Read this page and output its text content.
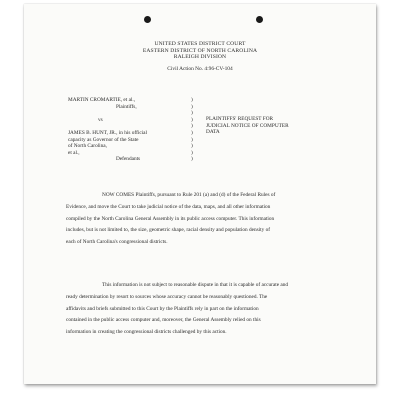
UNITED STATES DISTRICT COURT
EASTERN DISTRICT OF NORTH CAROLINA
RALEIGH DIVISION
Civil Action No. 4:96-CV-104
MARTIN CROMARTIE, et al.,
Plaintiffs,

vs

JAMES B. HUNT, JR., in his official
capacity as Governor of the State
of North Carolina,
et al.,
Defendants
)
)
)
)
)
)
)
)
)
)
PLAINTIFFS' REQUEST FOR
JUDICIAL NOTICE OF COMPUTER
DATA
NOW COMES Plaintiffs, pursuant to Rule 201 (a) and (d) of the Federal Rules of
Evidence, and move the Court to take judicial notice of the data, maps, and all other information
compiled by the North Carolina General Assembly in its public access computer. This information
includes, but is not limited to, the size, geometric shape, racial density and population density of
each of North Carolina's congressional districts.
This information is not subject to reasonable dispute in that it is capable of accurate and
ready determination by resort to sources whose accuracy cannot be reasonably questioned. The
affidavits and briefs submitted to this Court by the Plaintiffs rely in part on the information
contained in the public access computer and, moreover, the General Assembly relied on this
information in creating the congressional districts challenged by this action.
